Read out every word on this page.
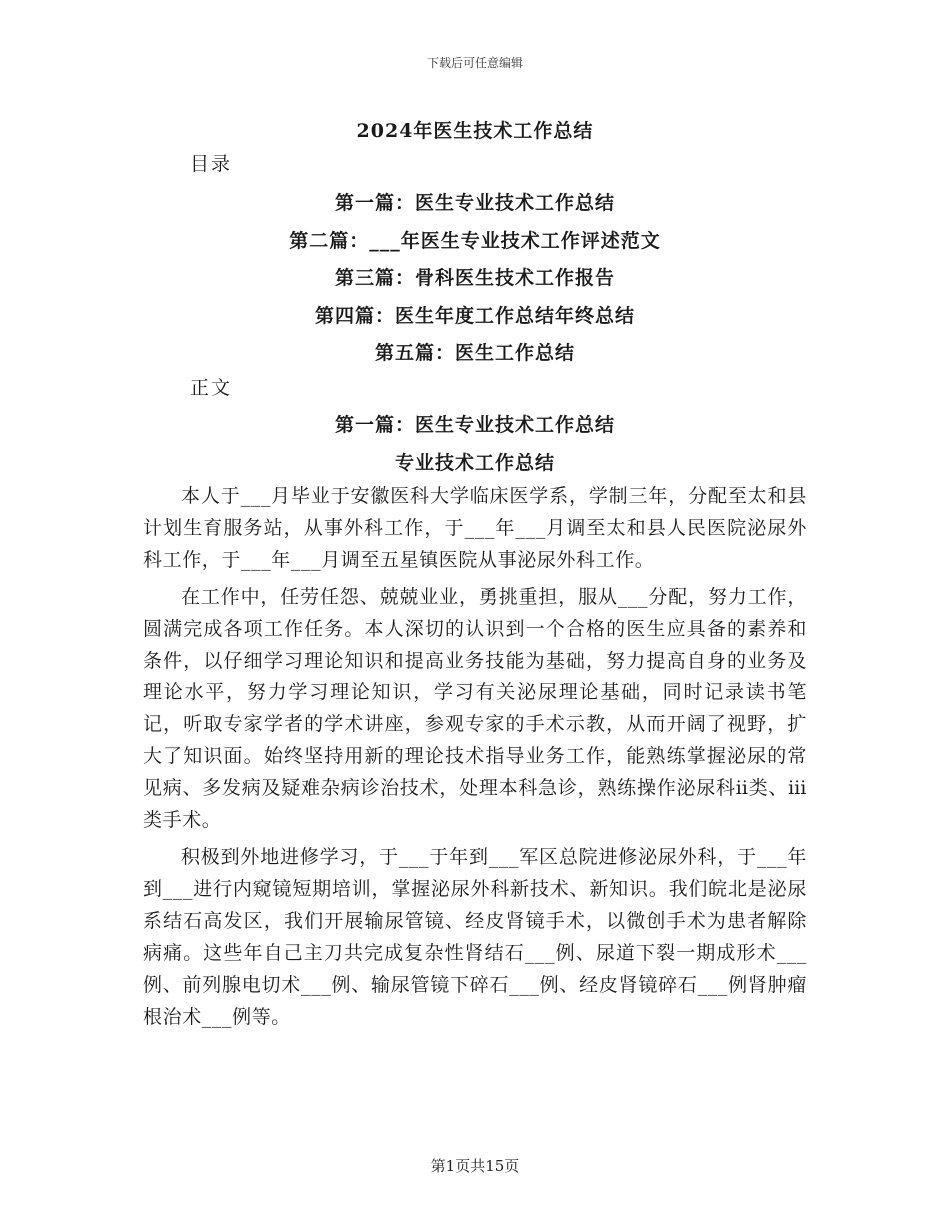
下载后可任意编辑
2024年医生技术工作总结
目录
第一篇：医生专业技术工作总结
第二篇：___年医生专业技术工作评述范文
第三篇：骨科医生技术工作报告
第四篇：医生年度工作总结年终总结
第五篇：医生工作总结
正文
第一篇：医生专业技术工作总结
专业技术工作总结

本人于___月毕业于安徽医科大学临床医学系，学制三年，分配至太和县计划生育服务站，从事外科工作，于___年___月调至太和县人民医院泌尿外科工作，于___年___月调至五星镇医院从事泌尿外科工作。

在工作中，任劳任怨、兢兢业业，勇挑重担，服从___分配，努力工作，圆满完成各项工作任务。本人深切的认识到一个合格的医生应具备的素养和条件，以仔细学习理论知识和提高业务技能为基础，努力提高自身的业务及理论水平，努力学习理论知识，学习有关泌尿理论基础，同时记录读书笔记，听取专家学者的学术讲座，参观专家的手术示教，从而开阔了视野，扩大了知识面。始终坚持用新的理论技术指导业务工作，能熟练掌握泌尿的常见病、多发病及疑难杂病诊治技术，处理本科急诊，熟练操作泌尿科ⅱ类、ⅲ类手术。

积极到外地进修学习，于___于年到___军区总院进修泌尿外科，于___年到___进行内窥镜短期培训，掌握泌尿外科新技术、新知识。我们皖北是泌尿系结石高发区，我们开展输尿管镜、经皮肾镜手术，以微创手术为患者解除病痛。这些年自己主刀共完成复杂性肾结石___例、尿道下裂一期成形术___例、前列腺电切术___例、输尿管镜下碎石___例、经皮肾镜碎石___例肾肿瘤根治术___例等。

第1页共15页
